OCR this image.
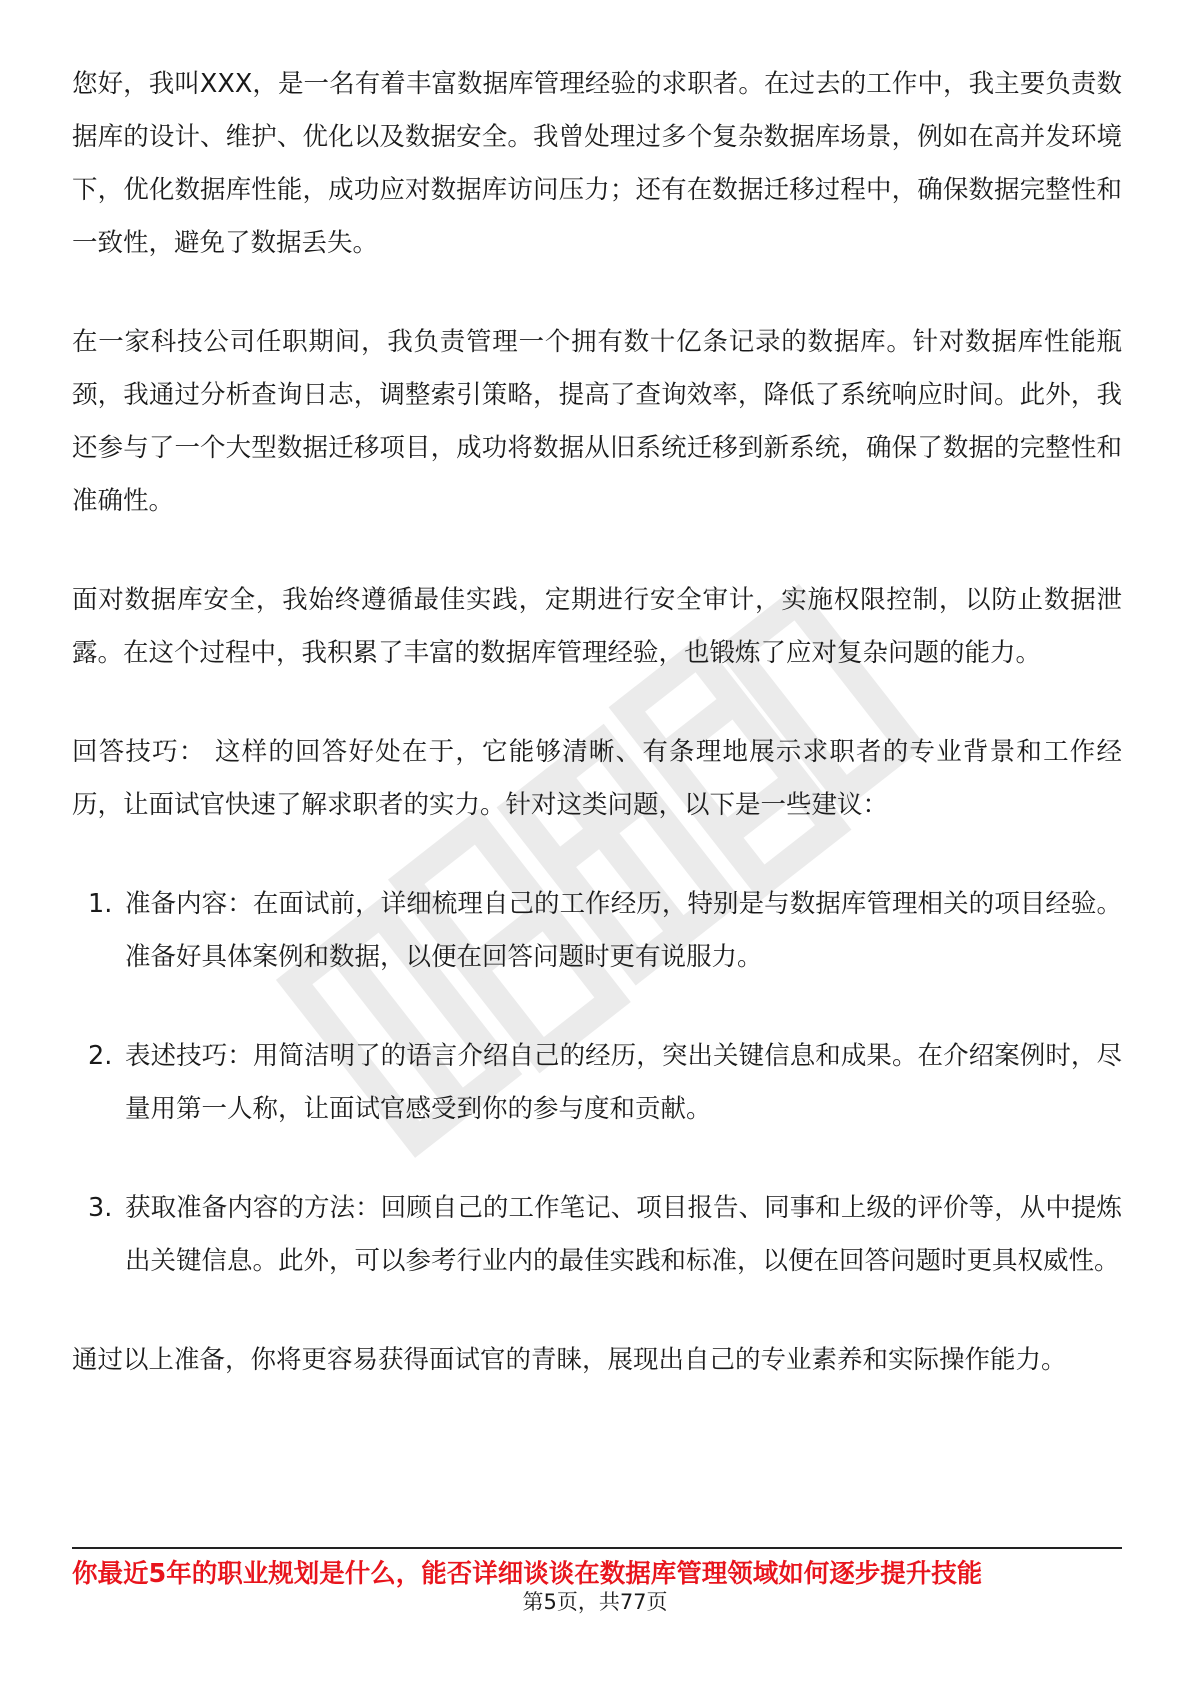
您好，我叫XXX，是一名有着丰富数据库管理经验的求职者。在过去的工作中，我主要负责数据库的设计、维护、优化以及数据安全。我曾处理过多个复杂数据库场景，例如在高并发环境下，优化数据库性能，成功应对数据库访问压力；还有在数据迁移过程中，确保数据完整性和一致性，避免了数据丢失。

在一家科技公司任职期间，我负责管理一个拥有数十亿条记录的数据库。针对数据库性能瓶颈，我通过分析查询日志，调整索引策略，提高了查询效率，降低了系统响应时间。此外，我还参与了一个大型数据迁移项目，成功将数据从旧系统迁移到新系统，确保了数据的完整性和准确性。

面对数据库安全，我始终遵循最佳实践，定期进行安全审计，实施权限控制，以防止数据泄露。在这个过程中，我积累了丰富的数据库管理经验，也锻炼了应对复杂问题的能力。

回答技巧： 这样的回答好处在于，它能够清晰、有条理地展示求职者的专业背景和工作经历，让面试官快速了解求职者的实力。针对这类问题，以下是一些建议：

1. 准备内容：在面试前，详细梳理自己的工作经历，特别是与数据库管理相关的项目经验。准备好具体案例和数据，以便在回答问题时更有说服力。
2. 表述技巧：用简洁明了的语言介绍自己的经历，突出关键信息和成果。在介绍案例时，尽量用第一人称，让面试官感受到你的参与度和贡献。
3. 获取准备内容的方法：回顾自己的工作笔记、项目报告、同事和上级的评价等，从中提炼出关键信息。此外，可以参考行业内的最佳实践和标准，以便在回答问题时更具权威性。

通过以上准备，你将更容易获得面试官的青睐，展现出自己的专业素养和实际操作能力。

你最近5年的职业规划是什么，能否详细谈谈在数据库管理领域如何逐步提升技能
第5页，共77页
